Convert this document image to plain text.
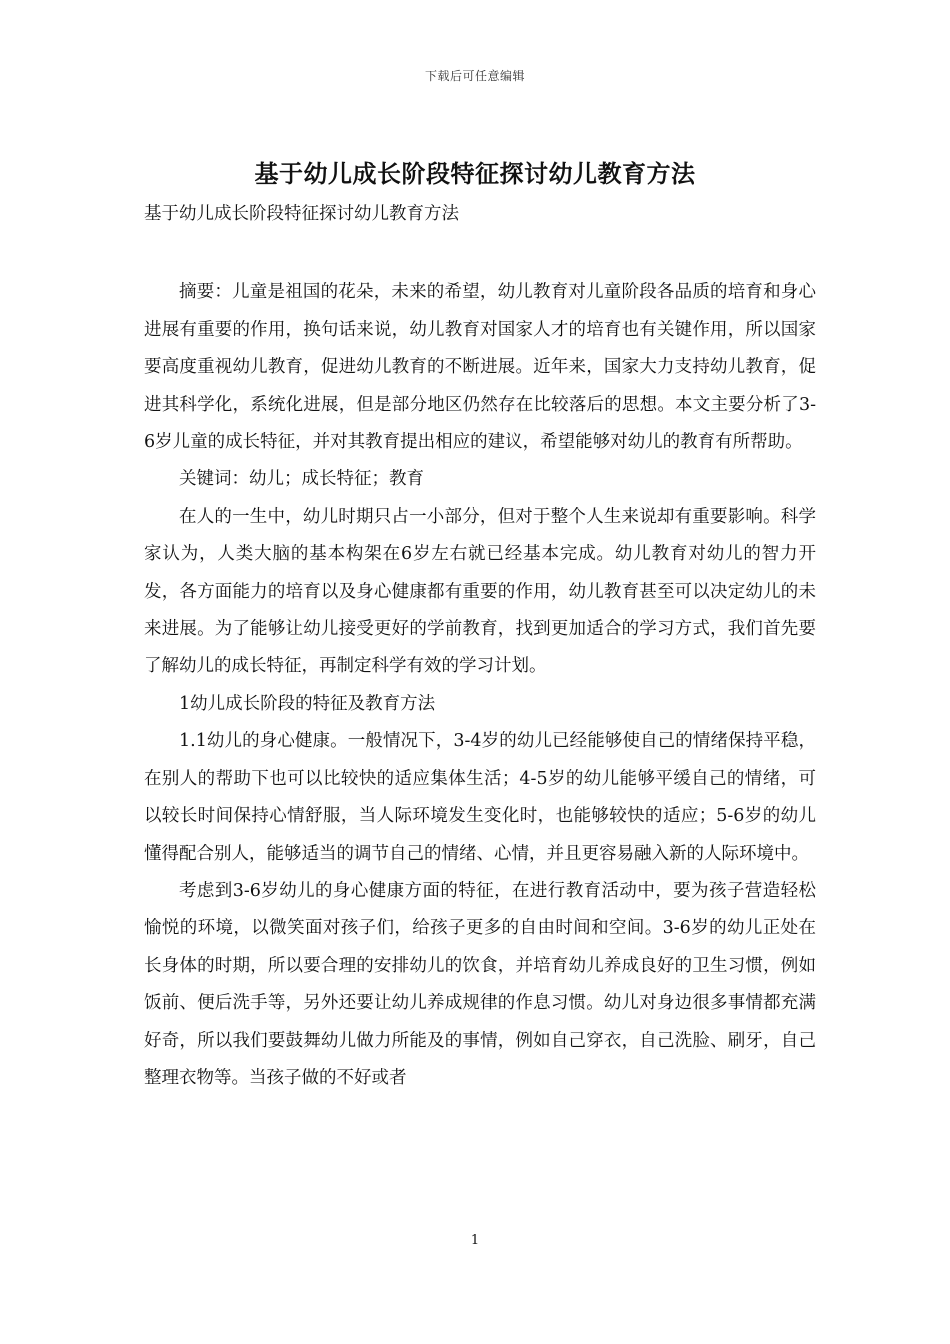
下载后可任意编辑
基于幼儿成长阶段特征探讨幼儿教育方法

基于幼儿成长阶段特征探讨幼儿教育方法

摘要：儿童是祖国的花朵，未来的希望，幼儿教育对儿童阶段各品质的培育和身心进展有重要的作用，换句话来说，幼儿教育对国家人才的培育也有关键作用，所以国家要高度重视幼儿教育，促进幼儿教育的不断进展。近年来，国家大力支持幼儿教育，促进其科学化，系统化进展，但是部分地区仍然存在比较落后的思想。本文主要分析了3-6岁儿童的成长特征，并对其教育提出相应的建议，希望能够对幼儿的教育有所帮助。

关键词：幼儿；成长特征；教育

在人的一生中，幼儿时期只占一小部分，但对于整个人生来说却有重要影响。科学家认为，人类大脑的基本构架在6岁左右就已经基本完成。幼儿教育对幼儿的智力开发，各方面能力的培育以及身心健康都有重要的作用，幼儿教育甚至可以决定幼儿的未来进展。为了能够让幼儿接受更好的学前教育，找到更加适合的学习方式，我们首先要了解幼儿的成长特征，再制定科学有效的学习计划。

1幼儿成长阶段的特征及教育方法

1.1幼儿的身心健康。一般情况下，3-4岁的幼儿已经能够使自己的情绪保持平稳，在别人的帮助下也可以比较快的适应集体生活；4-5岁的幼儿能够平缓自己的情绪，可以较长时间保持心情舒服，当人际环境发生变化时，也能够较快的适应；5-6岁的幼儿懂得配合别人，能够适当的调节自己的情绪、心情，并且更容易融入新的人际环境中。

考虑到3-6岁幼儿的身心健康方面的特征，在进行教育活动中，要为孩子营造轻松愉悦的环境，以微笑面对孩子们，给孩子更多的自由时间和空间。3-6岁的幼儿正处在长身体的时期，所以要合理的安排幼儿的饮食，并培育幼儿养成良好的卫生习惯，例如饭前、便后洗手等，另外还要让幼儿养成规律的作息习惯。幼儿对身边很多事情都充满好奇，所以我们要鼓舞幼儿做力所能及的事情，例如自己穿衣，自己洗脸、刷牙，自己整理衣物等。当孩子做的不好或者

1
